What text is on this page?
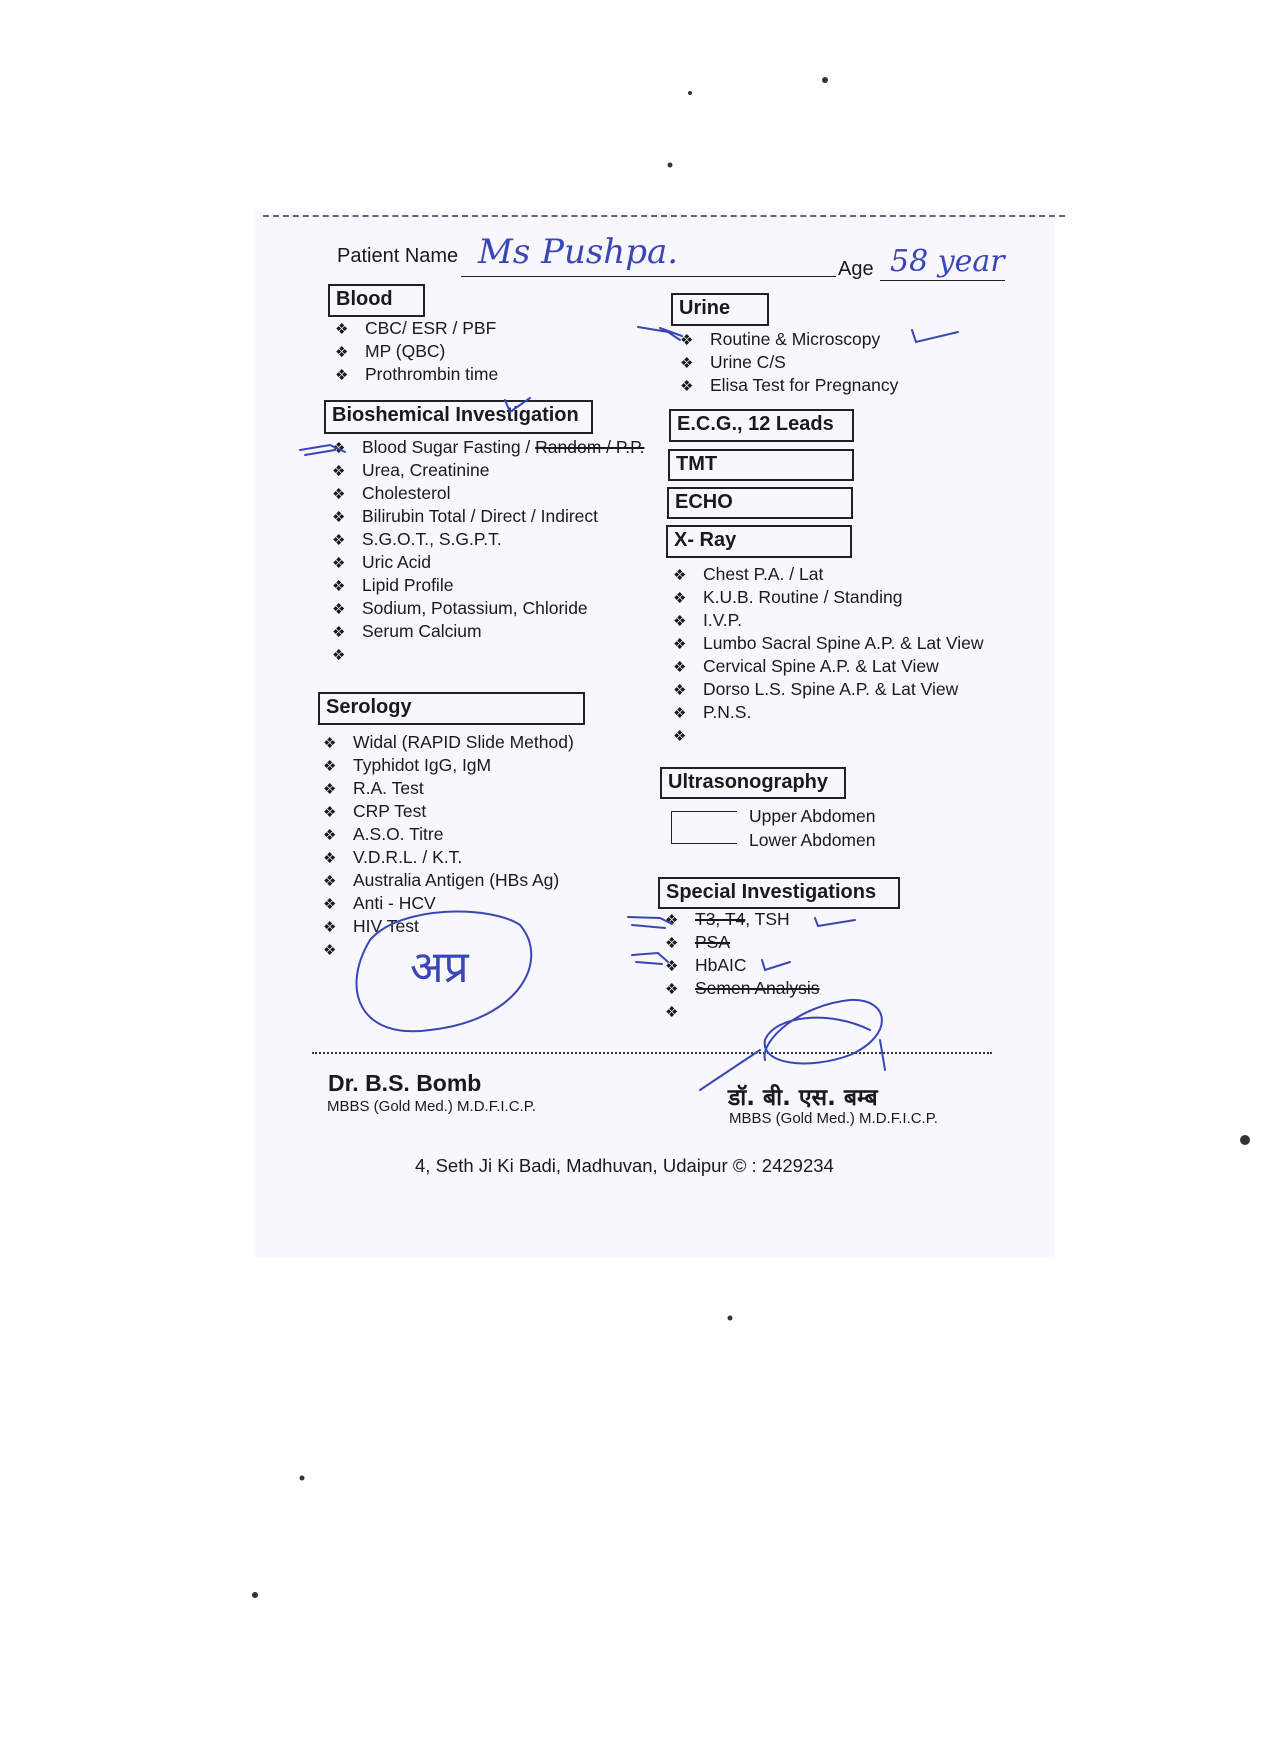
Patient Name Ms Pushpa.	Age 58 year
Blood
❖ CBC/ ESR / PBF
❖ MP (QBC)
❖ Prothrombin time
Bioshemical Investigation
❖ Blood Sugar Fasting / Random / P.P.
❖ Urea, Creatinine
❖ Cholesterol
❖ Bilirubin Total / Direct / Indirect
❖ S.G.O.T., S.G.P.T.
❖ Uric Acid
❖ Lipid Profile
❖ Sodium, Potassium, Chloride
❖ Serum Calcium
❖
Serology
❖ Widal (RAPID Slide Method)
❖ Typhidot IgG, IgM
❖ R.A. Test
❖ CRP Test
❖ A.S.O. Titre
❖ V.D.R.L. / K.T.
❖ Australia Antigen (HBs Ag)
❖ Anti - HCV
❖ HIV Test
❖
Urine
❖ Routine & Microscopy
❖ Urine C/S
❖ Elisa Test for Pregnancy
E.C.G., 12 Leads
TMT
ECHO
X- Ray
❖ Chest P.A. / Lat
❖ K.U.B. Routine / Standing
❖ I.V.P.
❖ Lumbo Sacral Spine A.P. & Lat View
❖ Cervical Spine A.P. & Lat View
❖ Dorso L.S. Spine A.P. & Lat View
❖ P.N.S.
❖
Ultrasonography
Upper Abdomen
Lower Abdomen
Special Investigations
❖ T3, T4, TSH
❖ PSA
❖ HbAIC
❖ Semen Analysis
❖
अप्र
Dr. B.S. Bomb
MBBS (Gold Med.) M.D.F.I.C.P.	डॉ. बी. एस. बम्ब
MBBS (Gold Med.) M.D.F.I.C.P.
4, Seth Ji Ki Badi, Madhuvan, Udaipur © : 2429234
